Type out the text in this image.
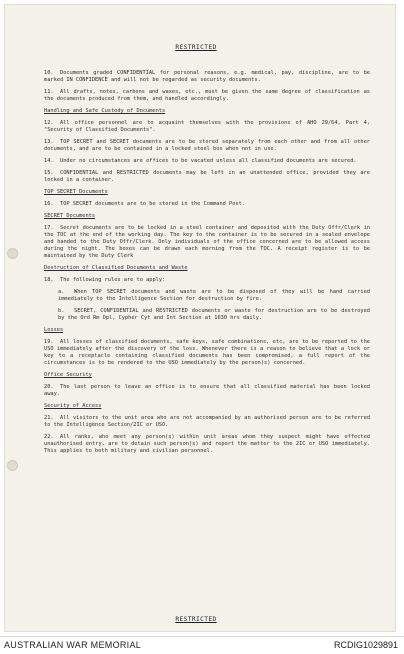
RESTRICTED

10. Documents graded CONFIDENTIAL for personal reasons, e.g. medical, pay, discipline, are to be marked IN CONFIDENCE and will not be regarded as security documents.

11. All drafts, notes, carbons and waxes, etc., must be given the same degree of classification as the documents produced from them, and handled accordingly.

Handling and Safe Custody of Documents

12. All office personnel are to acquaint themselves with the provisions of AHO 29/64, Part 4, "Security of Classified Documents".

13. TOP SECRET and SECRET documents are to be stored separately from each other and from all other documents, and are to be contained in a locked steel box when not in use.

14. Under no circumstances are offices to be vacated unless all classified documents are secured.

15. CONFIDENTIAL and RESTRICTED documents may be left in an unattended office, provided they are locked in a container.

TOP SECRET Documents

16. TOP SECRET documents are to be stored in the Command Post.

SECRET Documents

17. Secret documents are to be locked in a steel container and deposited with the Duty Offr/Clerk in the TOC at the end of the working day. The key to the container is to be secured in a sealed envelope and handed to the Duty Offr/Clerk. Only individuals of the office concerned are to be allowed access during the night. The boxes can be drawn each morning from the TOC. A receipt register is to be maintained by the Duty Clerk

Destruction of Classified Documents and Waste

18. The following rules are to apply:

a. When TOP SECRET documents and waste are to be disposed of they will be hand carried immediately to the Intelligence Section for destruction by fire.

b. SECRET, CONFIDENTIAL and RESTRICTED documents or waste for destruction are to be destroyed by the Ord Rm Opl, Cypher Cyt and Int Section at 1630 hrs daily.

Losses

19. All losses of classified documents, safe keys, safe combinations, etc, are to be reported to the USO immediately after the discovery of the loss. Whenever there is a reason to believe that a lock or key to a receptacle containing classified documents has been compromised, a full report of the circumstances is to be rendered to the USO immediately by the person(s) concerned.

Office Security

20. The last person to leave an office is to ensure that all classified material has been locked away.

Security of Access

21. All visitors to the unit area who are not accompanied by an authorised person are to be referred to the Intelligence Section/2IC or USO.

22. All ranks, who meet any person(s) within unit areas whom they suspect might have effected unauthorised entry, are to detain such person(s) and report the matter to the 2IC or USO immediately. This applies to both military and civilian personnel.

RESTRICTED
AUSTRALIAN WAR MEMORIAL	RCDIG1029891
